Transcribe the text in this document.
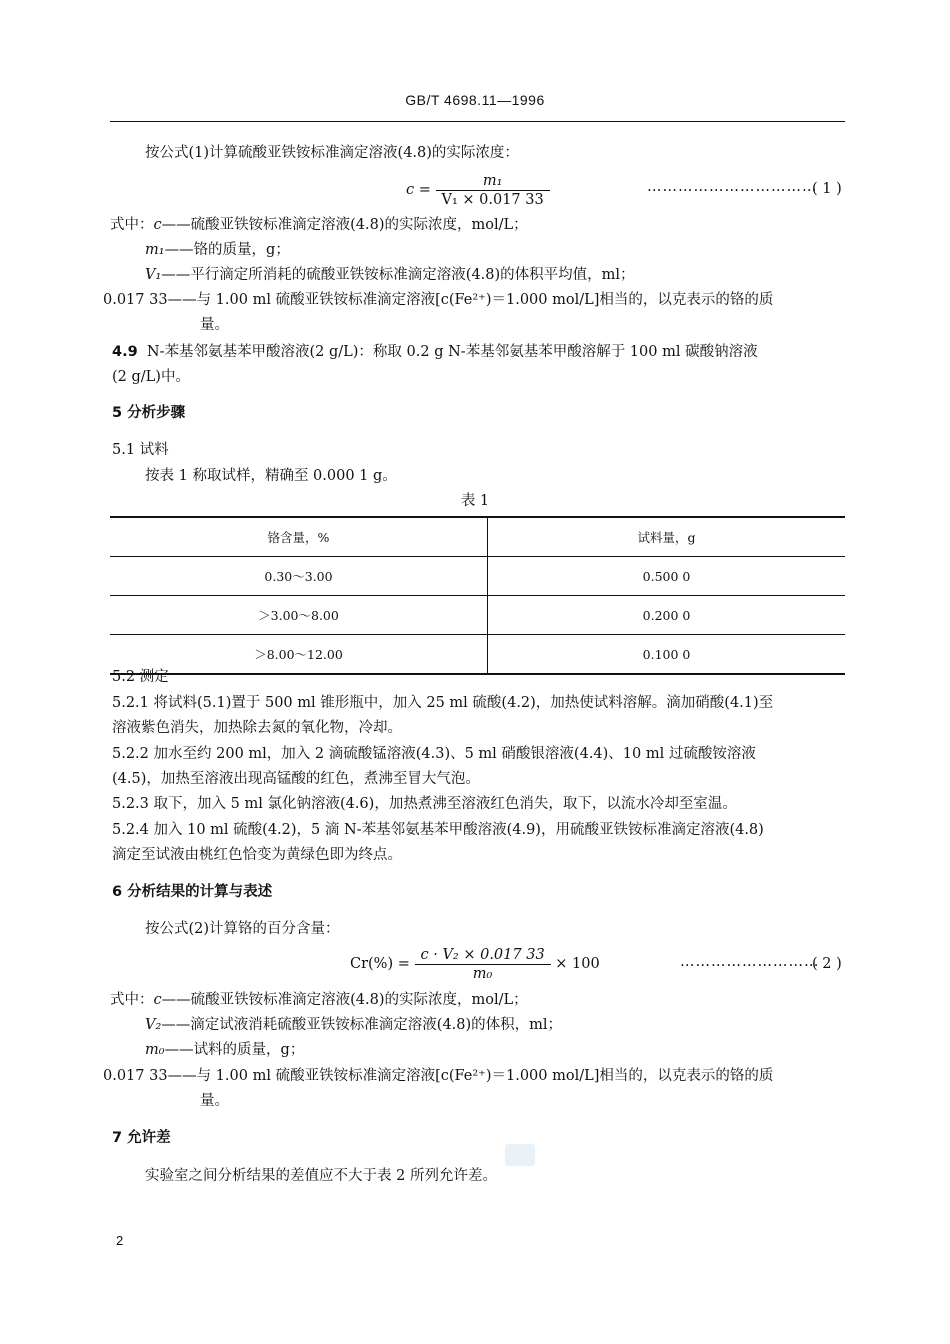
GB/T 4698.11—1996
按公式(1)计算硫酸亚铁铵标准滴定溶液(4.8)的实际浓度：
$c = \frac{\text{m₁}}{\text{V₁ × 0.017 33}}$	……………………………
( 1 )
式中：c——硫酸亚铁铵标准滴定溶液(4.8)的实际浓度，mol/L；
m₁——铬的质量，g；
V₁——平行滴定所消耗的硫酸亚铁铵标准滴定溶液(4.8)的体积平均值，ml；
0.017 33——与 1.00 ml 硫酸亚铁铵标准滴定溶液[c(Fe²⁺)＝1.000 mol/L]相当的，以克表示的铬的质
量。
4.9 N-苯基邻氨基苯甲酸溶液(2 g/L)：称取 0.2 g N-苯基邻氨基苯甲酸溶解于 100 ml 碳酸钠溶液
(2 g/L)中。
5 分析步骤
5.1 试料
按表 1 称取试样，精确至 0.000 1 g。
表 1
铬含量，%	试料量，g
0.30～3.00	0.500 0
＞3.00～8.00	0.200 0
＞8.00～12.00	0.100 0
5.2 测定
5.2.1 将试料(5.1)置于 500 ml 锥形瓶中，加入 25 ml 硫酸(4.2)，加热使试料溶解。滴加硝酸(4.1)至
溶液紫色消失，加热除去氮的氧化物，冷却。
5.2.2 加水至约 200 ml，加入 2 滴硫酸锰溶液(4.3)、5 ml 硝酸银溶液(4.4)、10 ml 过硫酸铵溶液
(4.5)，加热至溶液出现高锰酸的红色，煮沸至冒大气泡。
5.2.3 取下，加入 5 ml 氯化钠溶液(4.6)，加热煮沸至溶液红色消失，取下，以流水冷却至室温。
5.2.4 加入 10 ml 硫酸(4.2)，5 滴 N-苯基邻氨基苯甲酸溶液(4.9)，用硫酸亚铁铵标准滴定溶液(4.8)
滴定至试液由桃红色恰变为黄绿色即为终点。
6 分析结果的计算与表述
按公式(2)计算铬的百分含量：
$Cr(\%) = \frac{\text{c · V₂ × 0.017 33}}{\text{m₀}} \times 100$	………………………
( 2 )
式中：c——硫酸亚铁铵标准滴定溶液(4.8)的实际浓度，mol/L；
V₂——滴定试液消耗硫酸亚铁铵标准滴定溶液(4.8)的体积，ml；
m₀——试料的质量，g；
0.017 33——与 1.00 ml 硫酸亚铁铵标准滴定溶液[c(Fe²⁺)＝1.000 mol/L]相当的，以克表示的铬的质
量。
7 允许差
实验室之间分析结果的差值应不大于表 2 所列允许差。
2
